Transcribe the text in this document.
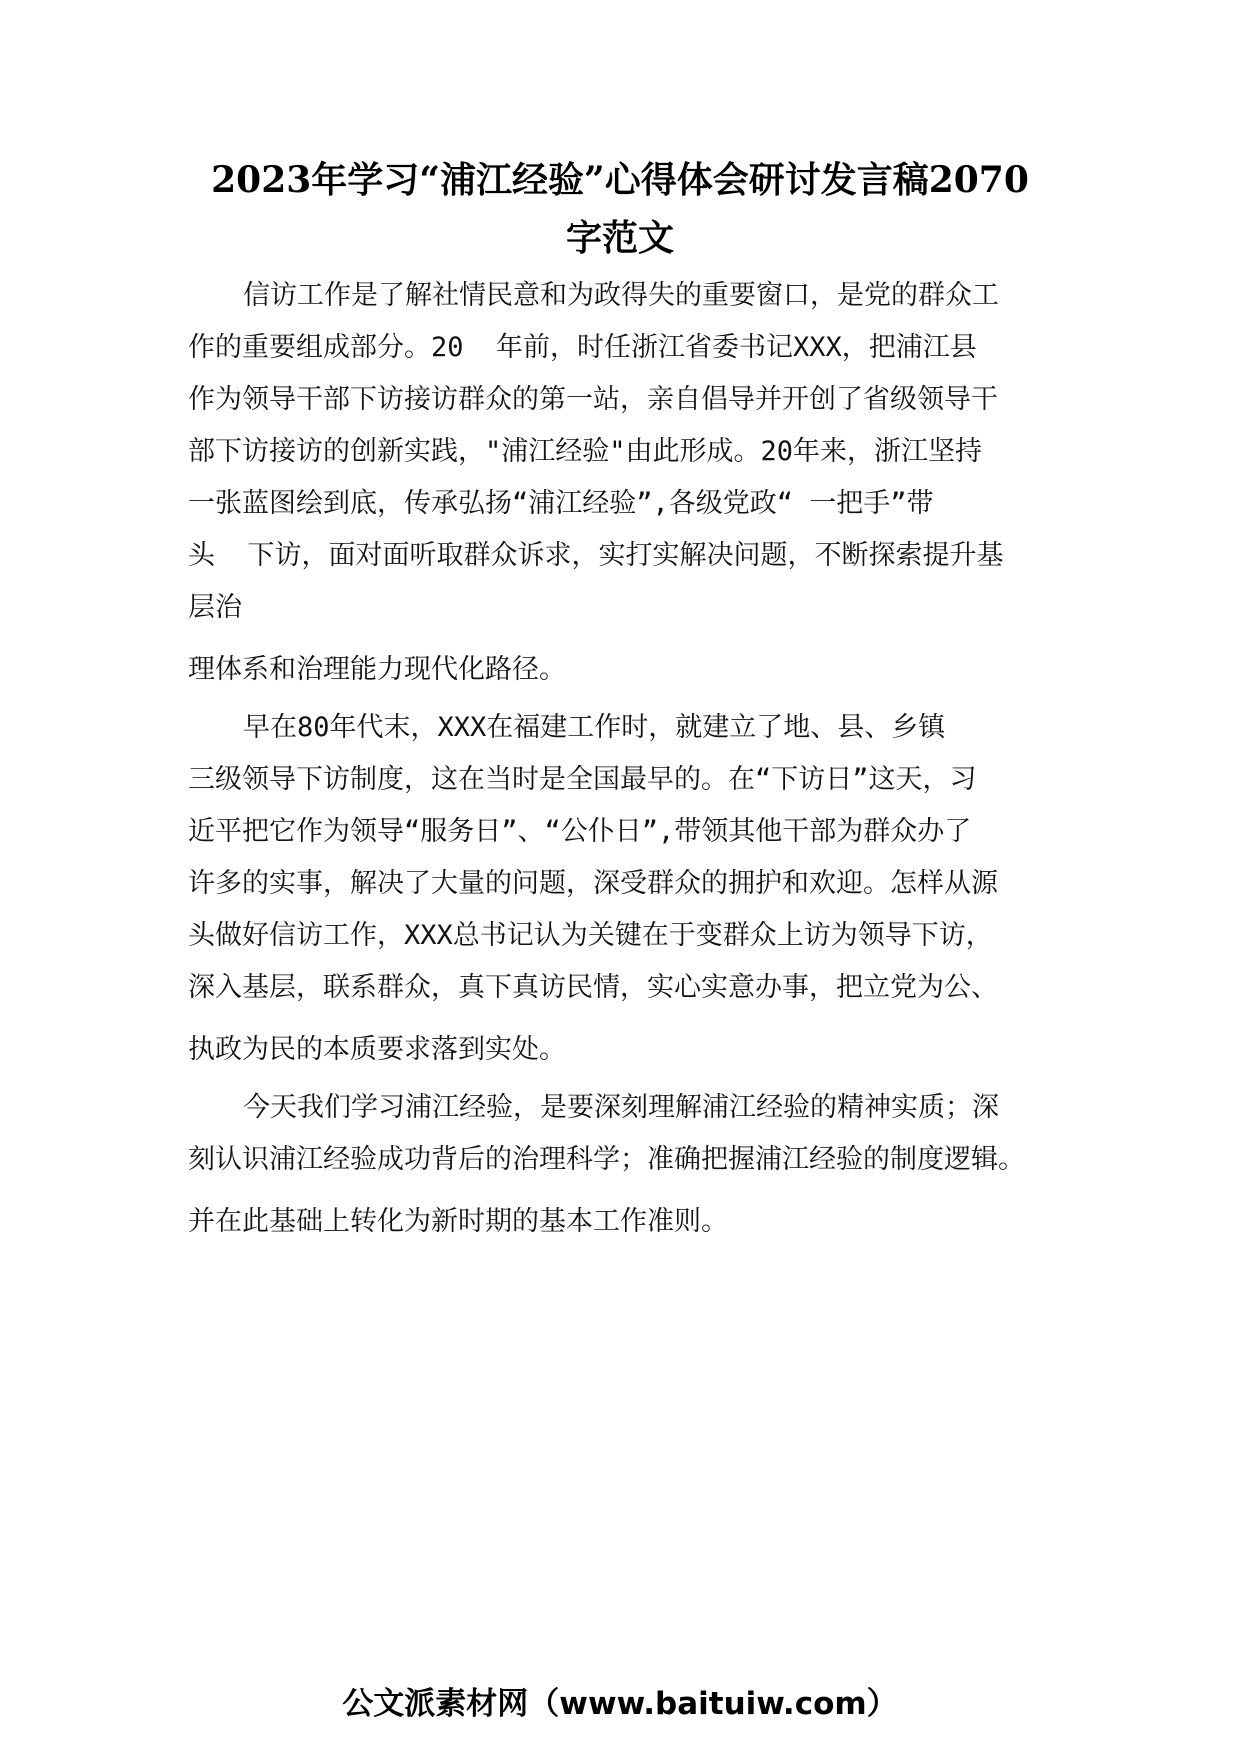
2023年学习“浦江经验”心得体会研讨发言稿2070
字范文

信访工作是了解社情民意和为政得失的重要窗口，是党的群众工

作的重要组成部分。20  年前，时任浙江省委书记XXX，把浦江县

作为领导干部下访接访群众的第一站，亲自倡导并开创了省级领导干

部下访接访的创新实践，"浦江经验"由此形成。20年来，浙江坚持

一张蓝图绘到底，传承弘扬“浦江经验”,各级党政“ 一把手”带

头  下访，面对面听取群众诉求，实打实解决问题，不断探索提升基

层治

理体系和治理能力现代化路径。

早在80年代末，XXX在福建工作时，就建立了地、县、乡镇

三级领导下访制度，这在当时是全国最早的。在“下访日”这天，习

近平把它作为领导“服务日”、“公仆日”,带领其他干部为群众办了

许多的实事，解决了大量的问题，深受群众的拥护和欢迎。怎样从源

头做好信访工作，XXX总书记认为关键在于变群众上访为领导下访，

深入基层，联系群众，真下真访民情，实心实意办事，把立党为公、

执政为民的本质要求落到实处。

今天我们学习浦江经验，是要深刻理解浦江经验的精神实质；深

刻认识浦江经验成功背后的治理科学；准确把握浦江经验的制度逻辑。

并在此基础上转化为新时期的基本工作准则。

公文派素材网（www.baituiw.com）
